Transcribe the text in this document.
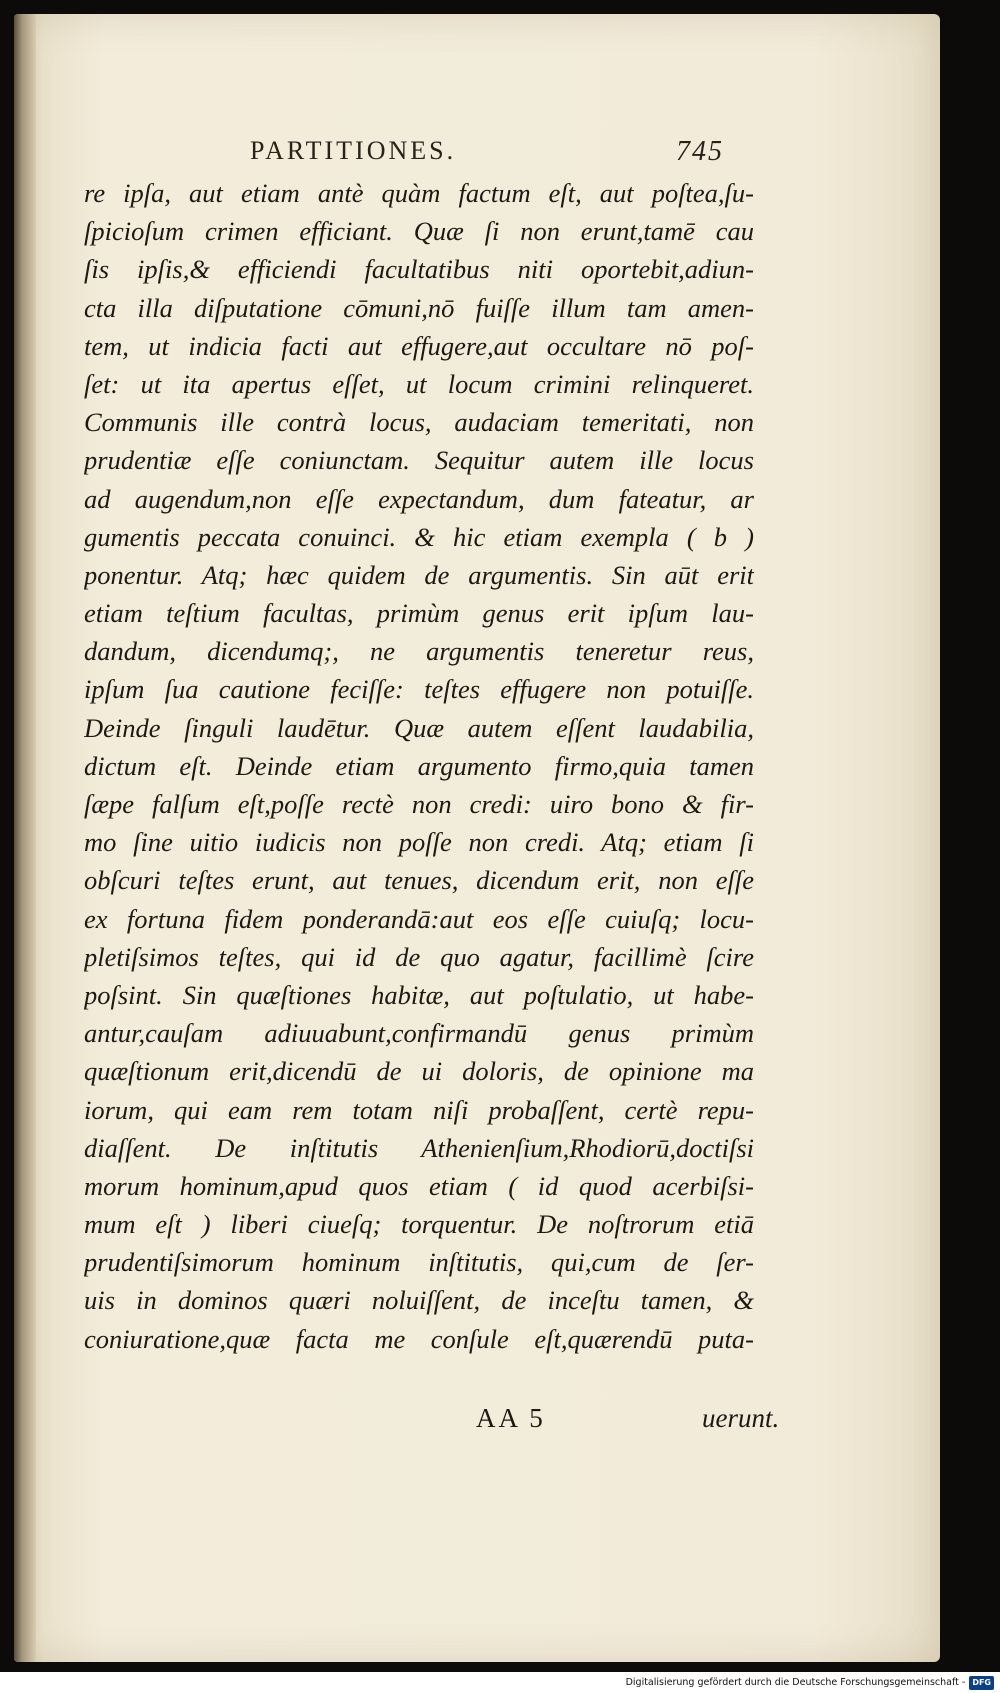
PARTITIONES.	745
re ipſa, aut etiam antè quàm factum eſt, aut poſtea,ſu-
ſpicioſum crimen efficiant. Quæ ſi non erunt,tamē cau
ſis ipſis,& efficiendi facultatibus niti oportebit,adiun-
cta illa diſputatione cōmuni,nō fuiſſe illum tam amen-
tem, ut indicia facti aut effugere,aut occultare nō poſ-
ſet: ut ita apertus eſſet, ut locum crimini relinqueret.
Communis ille contrà locus, audaciam temeritati, non
prudentiæ eſſe coniunctam. Sequitur autem ille locus
ad augendum,non eſſe expectandum, dum fateatur, ar
gumentis peccata conuinci. & hic etiam exempla ( b )
ponentur. Atq; hæc quidem de argumentis. Sin aūt erit
etiam teſtium facultas, primùm genus erit ipſum lau-
dandum, dicendumq;, ne argumentis teneretur reus,
ipſum ſua cautione feciſſe: teſtes effugere non potuiſſe.
Deinde ſinguli laudētur. Quæ autem eſſent laudabilia,
dictum eſt. Deinde etiam argumento firmo,quia tamen
ſæpe falſum eſt,poſſe rectè non credi: uiro bono & fir-
mo ſine uitio iudicis non poſſe non credi. Atq; etiam ſi
obſcuri teſtes erunt, aut tenues, dicendum erit, non eſſe
ex fortuna fidem ponderandā:aut eos eſſe cuiuſq; locu-
pletiſsimos teſtes, qui id de quo agatur, facillimè ſcire
poſsint. Sin quæſtiones habitæ, aut poſtulatio, ut habe-
antur,cauſam adiuuabunt,confirmandū genus primùm
quæſtionum erit,dicendū de ui doloris, de opinione ma
iorum, qui eam rem totam niſi probaſſent, certè repu-
diaſſent. De inſtitutis Athenienſium,Rhodiorū,doctiſsi
morum hominum,apud quos etiam ( id quod acerbiſsi-
mum eſt ) liberi ciueſq; torquentur. De noſtrorum etiā
prudentiſsimorum hominum inſtitutis, qui,cum de ſer-
uis in dominos quæri noluiſſent, de inceſtu tamen, &
coniuratione,quæ facta me conſule eſt,quærendū puta-
AA 5	uerunt.
Digitalisierung gefördert durch die Deutsche Forschungsgemeinschaft - DFG
